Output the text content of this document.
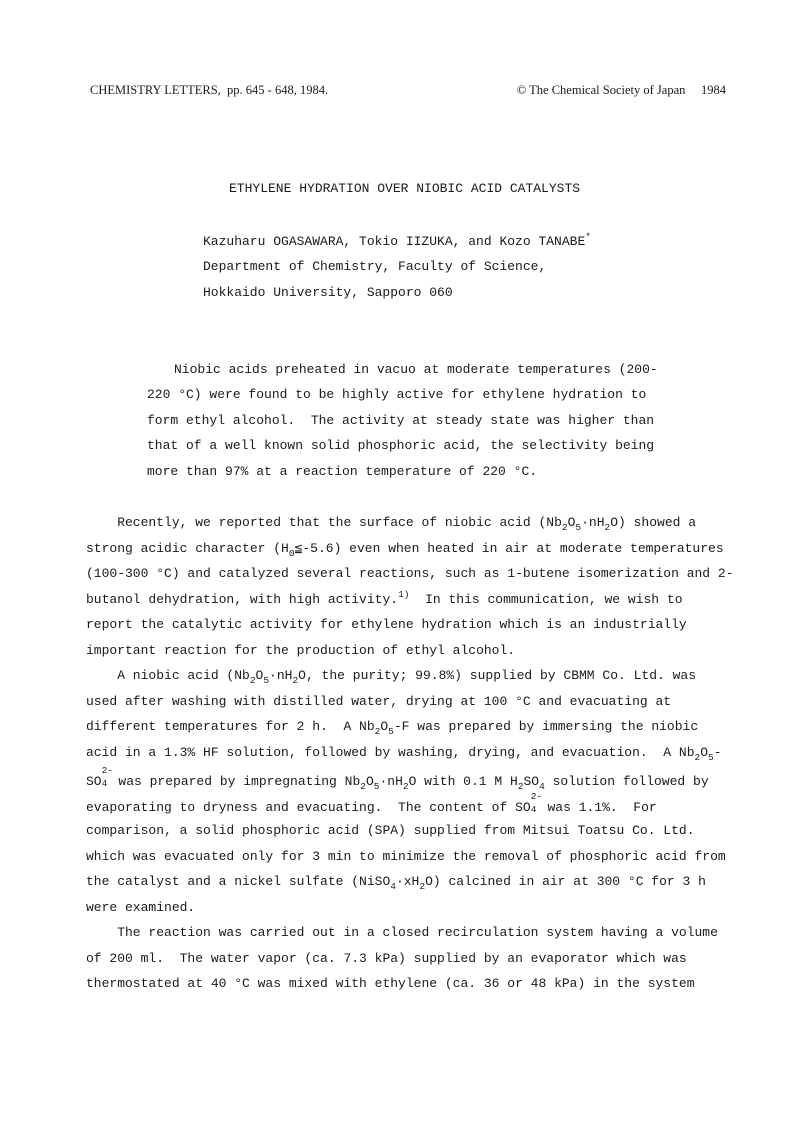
CHEMISTRY LETTERS, pp. 645 - 648, 1984.	© The Chemical Society of Japan 1984
ETHYLENE HYDRATION OVER NIOBIC ACID CATALYSTS
Kazuharu OGASAWARA, Tokio IIZUKA, and Kozo TANABE*
Department of Chemistry, Faculty of Science,
Hokkaido University, Sapporo 060
Niobic acids preheated in vacuo at moderate temperatures (200-
220 °C) were found to be highly active for ethylene hydration to
form ethyl alcohol.  The activity at steady state was higher than
that of a well known solid phosphoric acid, the selectivity being
more than 97% at a reaction temperature of 220 °C.
Recently, we reported that the surface of niobic acid $(Nb_2O_5\cdot nH_2O)$ showed a
strong acidic character $(H_0≦-5.6)$ even when heated in air at moderate temperatures
(100-300 °C) and catalyzed several reactions, such as 1-butene isomerization and 2-
butanol dehydration, with high activity.$^{1)}$  In this communication, we wish to
report the catalytic activity for ethylene hydration which is an industrially
important reaction for the production of ethyl alcohol.
A niobic acid ($Nb_2O_5\cdot nH_2O$, the purity; 99.8%) supplied by CBMM Co. Ltd. was
used after washing with distilled water, drying at 100 °C and evacuating at
different temperatures for 2 h.  A $Nb_2O_5-F$ was prepared by immersing the niobic
acid in a 1.3% HF solution, followed by washing, drying, and evacuation.  A $Nb_2O_5-$
SO
2-
4 was prepared by impregnating $Nb_2O_5\cdot nH_2O$ with 0.1 M $H_2SO_4$ solution followed by
evaporating to dryness and evacuating.  The content of SO
2-
4 was 1.1%.  For
comparison, a solid phosphoric acid (SPA) supplied from Mitsui Toatsu Co. Ltd.
which was evacuated only for 3 min to minimize the removal of phosphoric acid from
the catalyst and a nickel sulfate $(NiSO_4\cdot xH_2O)$ calcined in air at 300 °C for 3 h
were examined.
The reaction was carried out in a closed recirculation system having a volume
of 200 ml.  The water vapor (ca. 7.3 kPa) supplied by an evaporator which was
thermostated at 40 °C was mixed with ethylene (ca. 36 or 48 kPa) in the system
